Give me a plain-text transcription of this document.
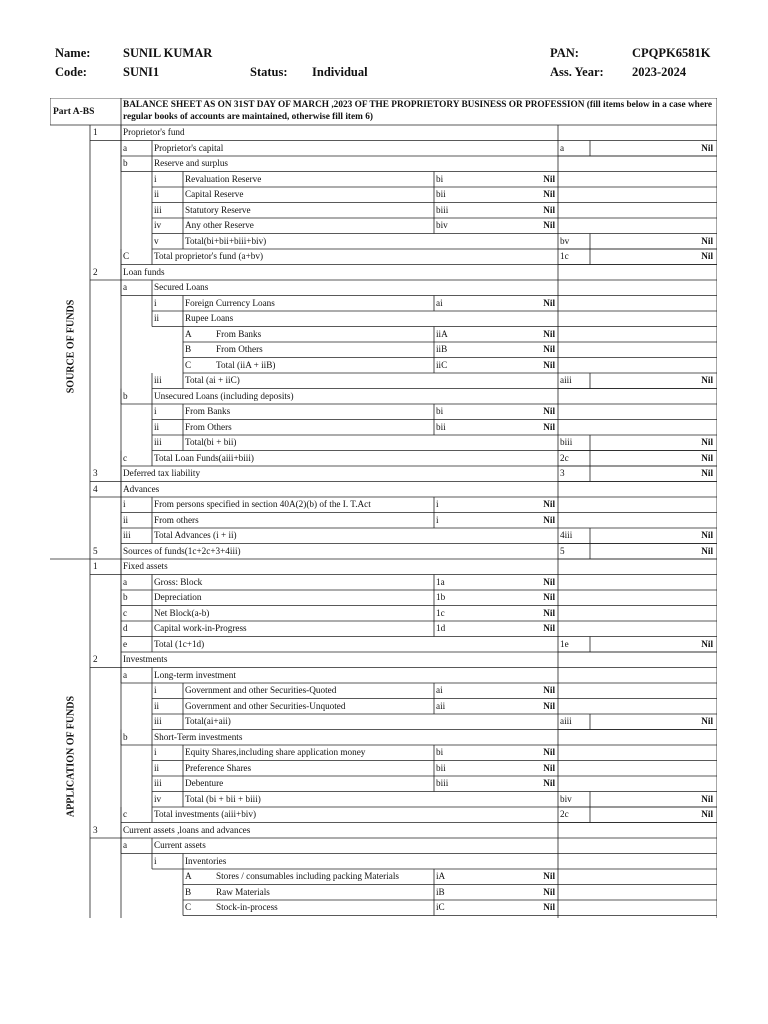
Name:	SUNIL KUMAR
Code:	SUNI1	Status: Individual
PAN:	CPQPK6581K
Ass. Year: 2023-2024
Part A-BS
BALANCE SHEET AS ON 31ST DAY OF MARCH ,2023 OF THE PROPRIETORY BUSINESS OR PROFESSION (fill items below in a case where regular books of accounts are maintained, otherwise fill item 6)
SOURCE OF FUNDS
APPLICATION OF FUNDS
1	Proprietor's fund
a	Proprietor's capital	a	Nil
b	Reserve and surplus
i	Revaluation Reserve	bi	Nil
ii	Capital Reserve	bii	Nil
iii	Statutory Reserve	biii	Nil
iv	Any other Reserve	biv	Nil
v	Total(bi+bii+biii+biv)	bv	Nil
C	Total proprietor's fund (a+bv)	1c	Nil
2	Loan funds
a	Secured Loans
i	Foreign Currency Loans	ai	Nil
ii	Rupee Loans
A	From Banks	iiA	Nil
B	From Others	iiB	Nil
C	Total (iiA + iiB)	iiC	Nil
iii	Total (ai + iiC)	aiii	Nil
b	Unsecured Loans (including deposits)
i	From Banks	bi	Nil
ii	From Others	bii	Nil
iii	Total(bi + bii)	biii	Nil
c	Total Loan Funds(aiii+biii)	2c	Nil
3	Deferred tax liability	3	Nil
4	Advances
i	From persons specified in section 40A(2)(b) of the I. T.Act	i	Nil
ii	From others	i	Nil
iii	Total Advances (i + ii)	4iii	Nil
5	Sources of funds(1c+2c+3+4iii)	5	Nil
1	Fixed assets
a	Gross: Block	1a	Nil
b	Depreciation	1b	Nil
c	Net Block(a-b)	1c	Nil
d	Capital work-in-Progress	1d	Nil
e	Total (1c+1d)	1e	Nil
2	Investments
a	Long-term investment
i	Government and other Securities-Quoted	ai	Nil
ii	Government and other Securities-Unquoted	aii	Nil
iii	Total(ai+aii)	aiii	Nil
b	Short-Term investments
i	Equity Shares,including share application money	bi	Nil
ii	Preference Shares	bii	Nil
iii	Debenture	biii	Nil
iv	Total (bi + bii + biii)	biv	Nil
c	Total investments (aiii+biv)	2c	Nil
3	Current assets ,loans and advances
a	Current assets
i	Inventories
A	Stores / consumables including packing Materials	iA	Nil
B	Raw Materials	iB	Nil
C	Stock-in-process	iC	Nil
